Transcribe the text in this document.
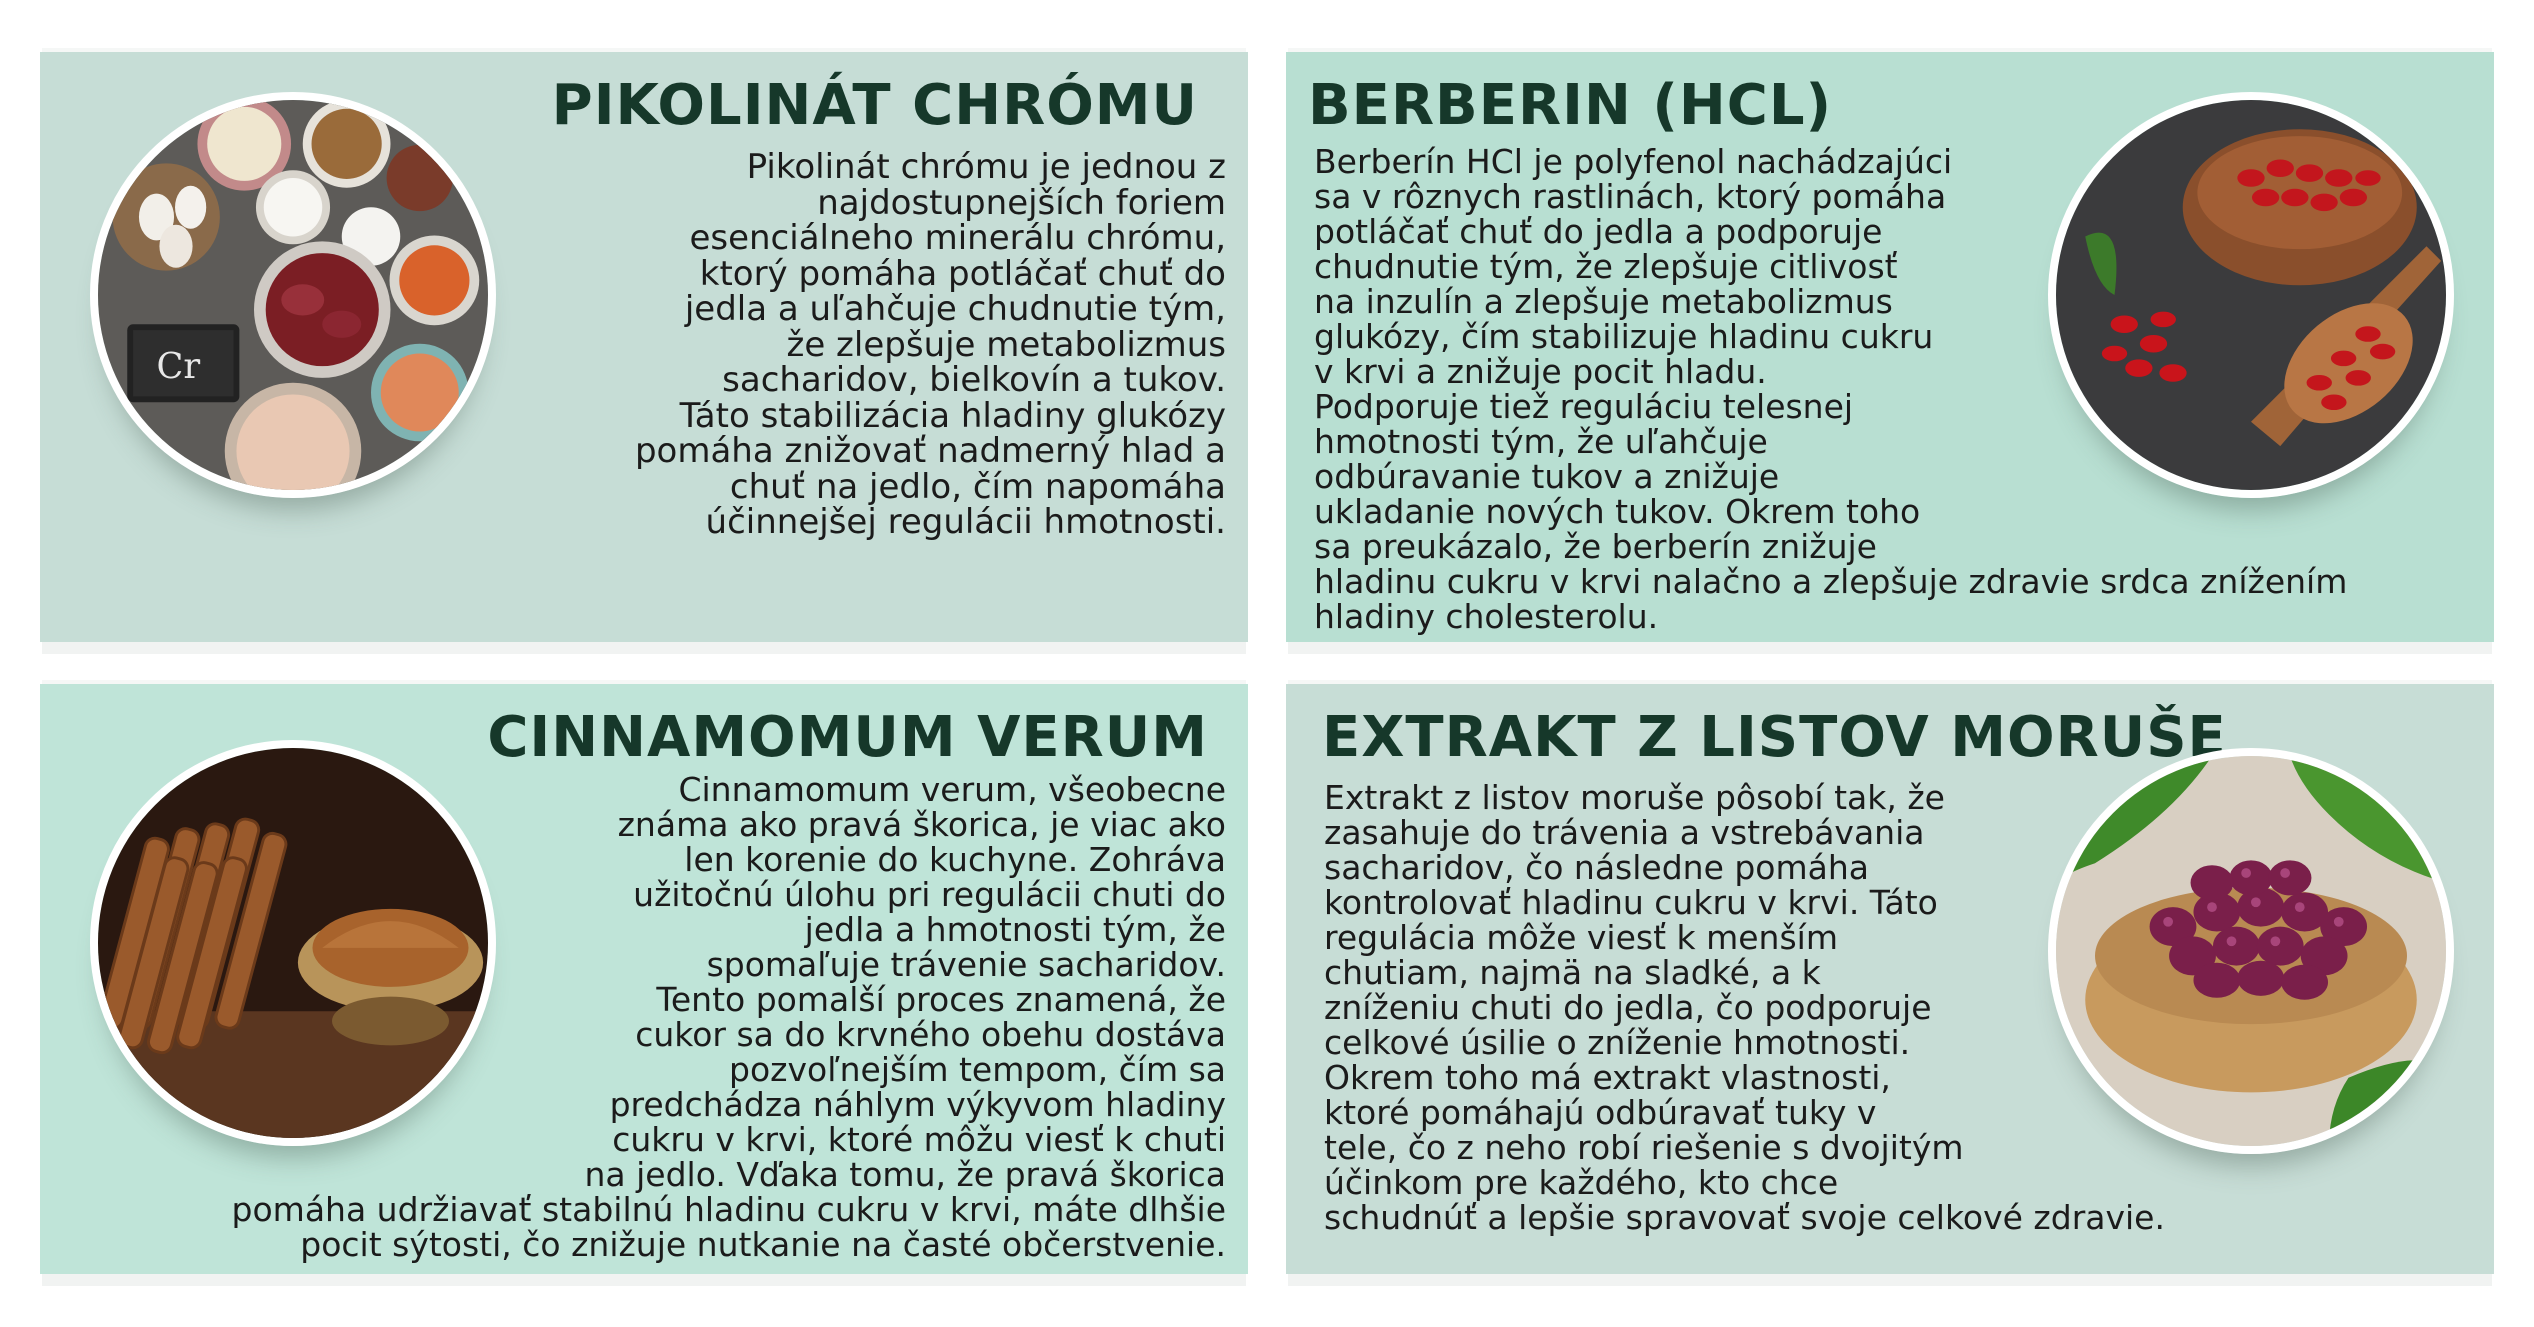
Cr
PIKOLINÁT CHRÓMU
Pikolinát chrómu je jednou z
najdostupnejších foriem
esenciálneho minerálu chrómu,
ktorý pomáha potláčať chuť do
jedla a uľahčuje chudnutie tým,
že zlepšuje metabolizmus
sacharidov, bielkovín a tukov.
Táto stabilizácia hladiny glukózy
pomáha znižovať nadmerný hlad a
chuť na jedlo, čím napomáha
účinnejšej regulácii hmotnosti.
BERBERIN (HCL)
Berberín HCl je polyfenol nachádzajúci
sa v rôznych rastlinách, ktorý pomáha
potláčať chuť do jedla a podporuje
chudnutie tým, že zlepšuje citlivosť
na inzulín a zlepšuje metabolizmus
glukózy, čím stabilizuje hladinu cukru
v krvi a znižuje pocit hladu.
Podporuje tiež reguláciu telesnej
hmotnosti tým, že uľahčuje
odbúravanie tukov a znižuje
ukladanie nových tukov. Okrem toho
sa preukázalo, že berberín znižuje
hladinu cukru v krvi nalačno a zlepšuje zdravie srdca znížením
hladiny cholesterolu.
CINNAMOMUM VERUM
Cinnamomum verum, všeobecne
známa ako pravá škorica, je viac ako
len korenie do kuchyne. Zohráva
užitočnú úlohu pri regulácii chuti do
jedla a hmotnosti tým, že
spomaľuje trávenie sacharidov.
Tento pomalší proces znamená, že
cukor sa do krvného obehu dostáva
pozvoľnejším tempom, čím sa
predchádza náhlym výkyvom hladiny
cukru v krvi, ktoré môžu viesť k chuti
na jedlo. Vďaka tomu, že pravá škorica
pomáha udržiavať stabilnú hladinu cukru v krvi, máte dlhšie
pocit sýtosti, čo znižuje nutkanie na časté občerstvenie.
EXTRAKT Z LISTOV MORUŠE
Extrakt z listov moruše pôsobí tak, že
zasahuje do trávenia a vstrebávania
sacharidov, čo následne pomáha
kontrolovať hladinu cukru v krvi. Táto
regulácia môže viesť k menším
chutiam, najmä na sladké, a k
zníženiu chuti do jedla, čo podporuje
celkové úsilie o zníženie hmotnosti.
Okrem toho má extrakt vlastnosti,
ktoré pomáhajú odbúravať tuky v
tele, čo z neho robí riešenie s dvojitým
účinkom pre každého, kto chce
schudnúť a lepšie spravovať svoje celkové zdravie.
